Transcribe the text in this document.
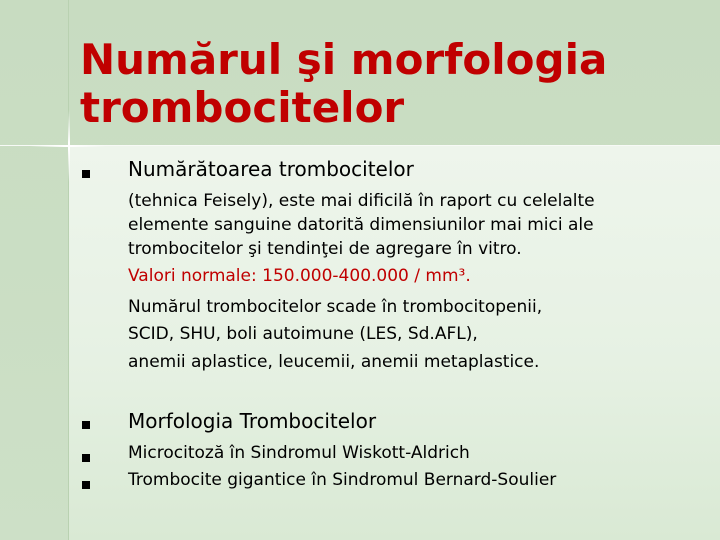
Numărul şi morfologia
trombocitelor
Numărătoarea trombocitelor
(tehnica Feisely), este mai dificilă în raport cu celelalte
elemente sanguine datorită dimensiunilor mai mici ale
trombocitelor şi tendinţei de agregare în vitro.
Valori normale: 150.000-400.000 / mm³.
Numărul trombocitelor scade în trombocitopenii,
SCID, SHU, boli autoimune (LES, Sd.AFL),
anemii aplastice, leucemii, anemii metaplastice.
Morfologia Trombocitelor
Microcitoză în Sindromul Wiskott-Aldrich
Trombocite gigantice în Sindromul Bernard-Soulier
